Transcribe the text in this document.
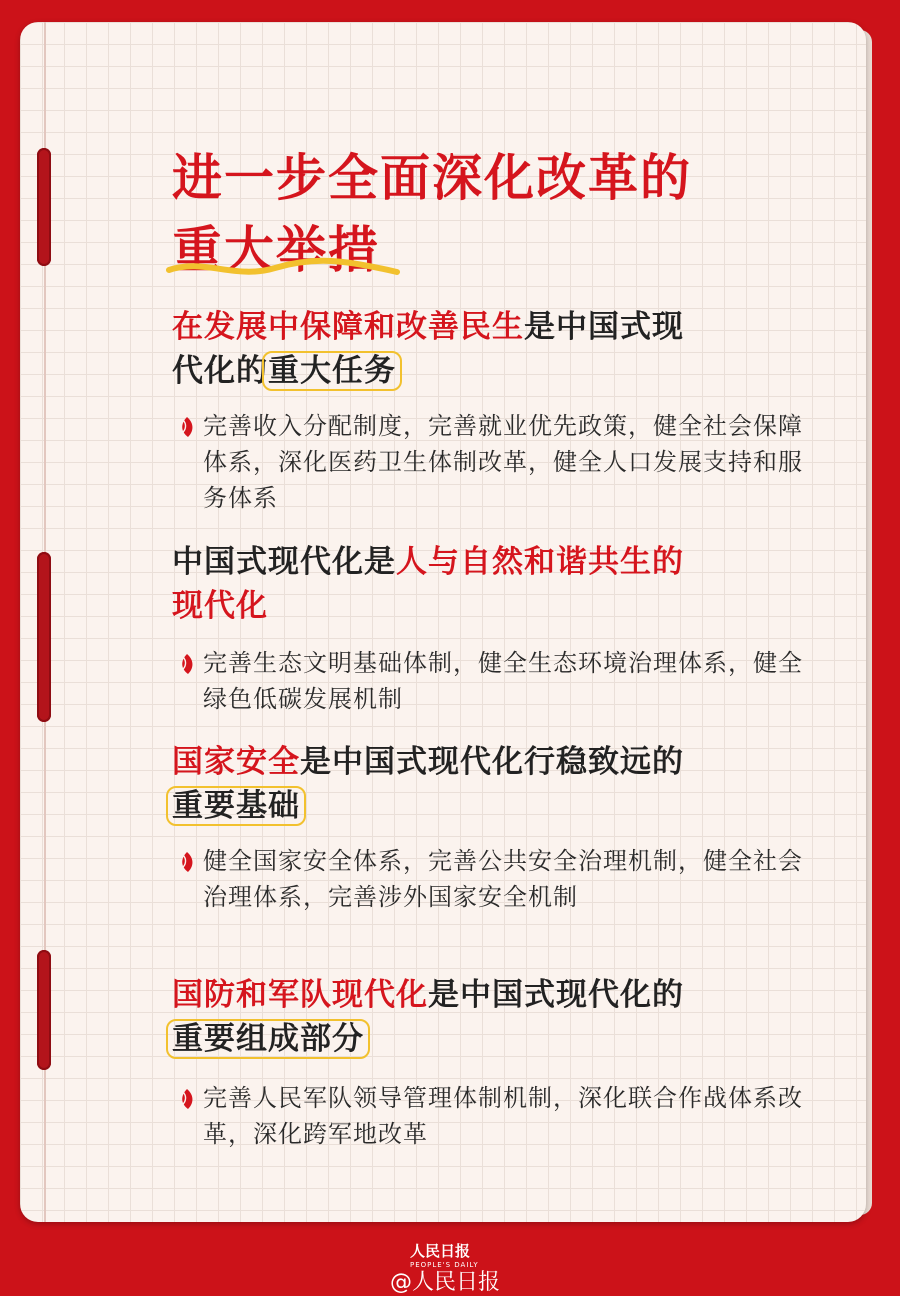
进一步全面深化改革的
重大举措
在发展中保障和改善民生是中国式现
代化的重大任务
完善收入分配制度，完善就业优先政策，健全社会保障体系，深化医药卫生体制改革，健全人口发展支持和服务体系
中国式现代化是人与自然和谐共生的
现代化
完善生态文明基础体制，健全生态环境治理体系，健全绿色低碳发展机制
国家安全是中国式现代化行稳致远的
重要基础
健全国家安全体系，完善公共安全治理机制，健全社会治理体系，完善涉外国家安全机制
国防和军队现代化是中国式现代化的
重要组成部分
完善人民军队领导管理体制机制，深化联合作战体系改革，深化跨军地改革
人民日报
PEOPLE'S DAILY
@人民日报
